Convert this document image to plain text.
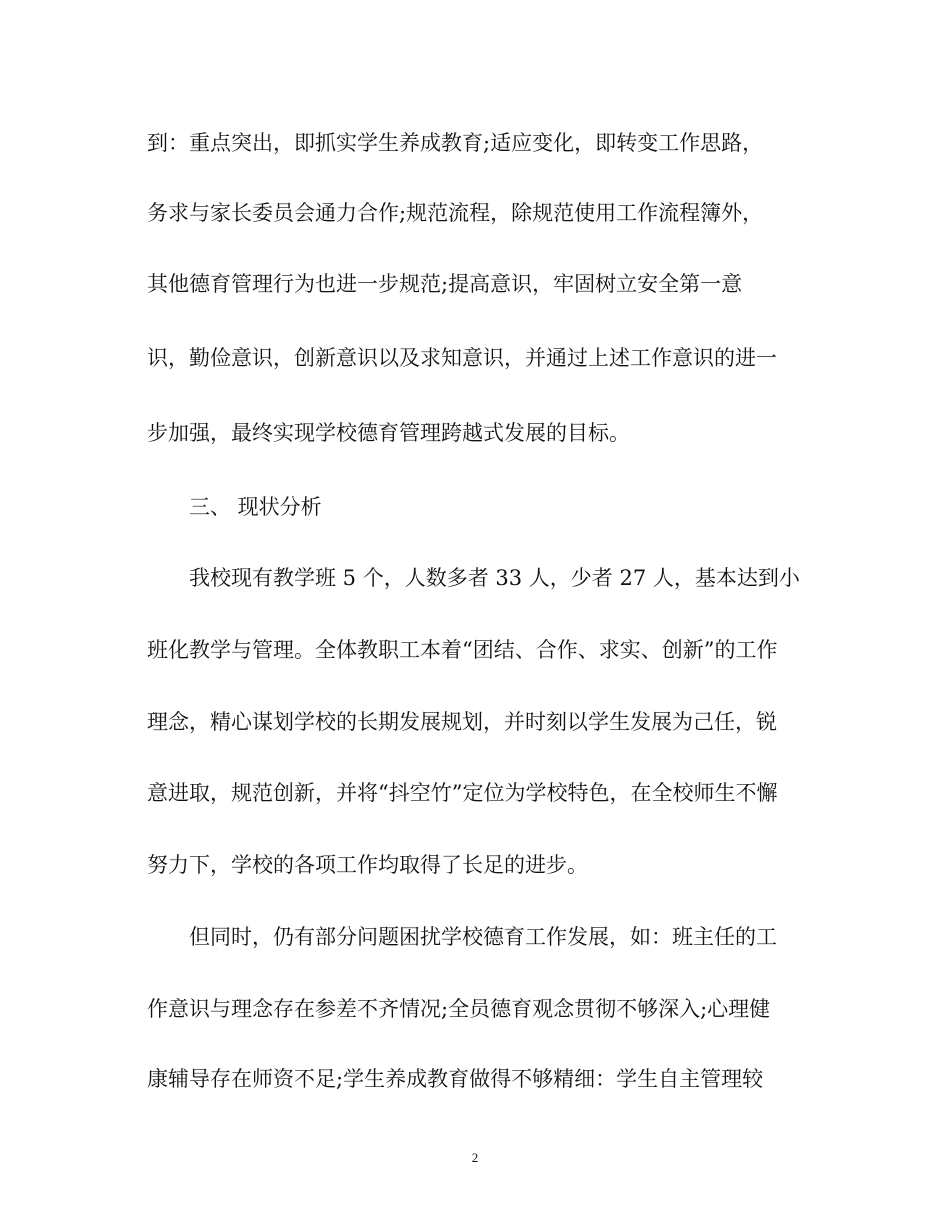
到：重点突出，即抓实学生养成教育;适应变化，即转变工作思路，
务求与家长委员会通力合作;规范流程，除规范使用工作流程簿外，
其他德育管理行为也进一步规范;提高意识，牢固树立安全第一意
识，勤俭意识，创新意识以及求知意识，并通过上述工作意识的进一
步加强，最终实现学校德育管理跨越式发展的目标。
三、 现状分析
我校现有教学班 5 个，人数多者 33 人，少者 27 人，基本达到小
班化教学与管理。全体教职工本着“团结、合作、求实、创新”的工作
理念，精心谋划学校的长期发展规划，并时刻以学生发展为己任，锐
意进取，规范创新，并将“抖空竹”定位为学校特色，在全校师生不懈
努力下，学校的各项工作均取得了长足的进步。
但同时，仍有部分问题困扰学校德育工作发展，如：班主任的工
作意识与理念存在参差不齐情况;全员德育观念贯彻不够深入;心理健
康辅导存在师资不足;学生养成教育做得不够精细：学生自主管理较
2
